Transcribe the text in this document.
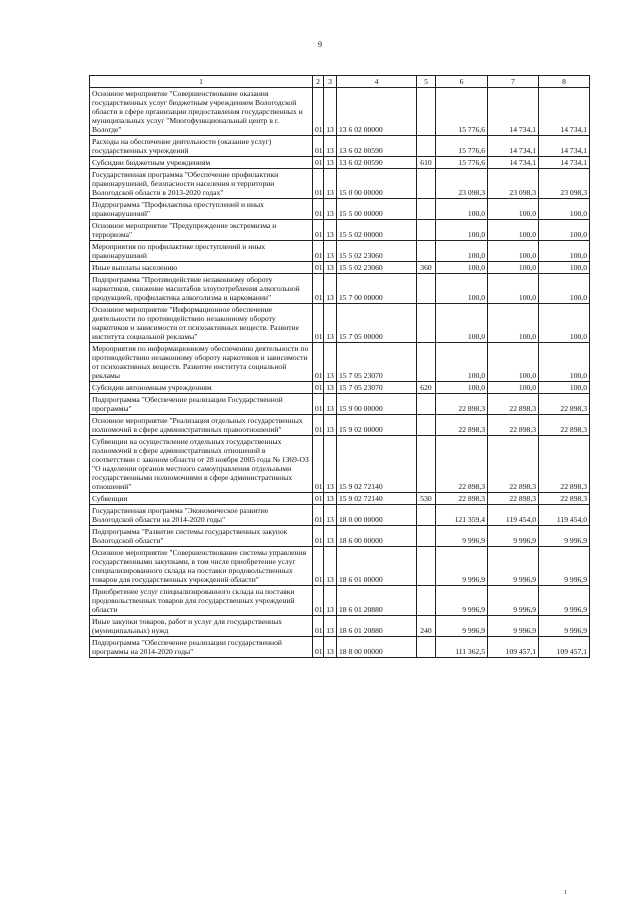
9
1	2	3	4	5	6	7	8
Основное мероприятие "Совершенствование оказания государственных услуг бюджетным учреждением Вологодской области в сфере организации предоставления государственных и муниципальных услуг "Многофункциональный центр в г. Вологде"	01	13	13 6 02 00000		15 776,6	14 734,1	14 734,1
Расходы на обеспечение деятельности (оказание услуг) государственных учреждений	01	13	13 6 02 00590		15 776,6	14 734,1	14 734,1
Субсидии бюджетным учреждениям	01	13	13 6 02 00590	610	15 776,6	14 734,1	14 734,1
Государственная программа "Обеспечение профилактики правонарушений, безопасности населения и территории Вологодской области в 2013-2020 годах"	01	13	15 0 00 00000		23 098,3	23 098,3	23 098,3
Подпрограмма "Профилактика преступлений и иных правонарушений"	01	13	15 5 00 00000		100,0	100,0	100,0
Основное мероприятие "Предупреждение экстремизма и терроризма"	01	13	15 5 02 00000		100,0	100,0	100,0
Мероприятия по профилактике преступлений и иных правонарушений	01	13	15 5 02 23060		100,0	100,0	100,0
Иные выплаты населению	01	13	15 5 02 23060	360	100,0	100,0	100,0
Подпрограмма "Противодействие незаконному обороту наркотиков, снижение масштабов злоупотребления алкогольной продукцией, профилактика алкоголизма и наркомании"	01	13	15 7 00 00000		100,0	100,0	100,0
Основное мероприятие "Информационное обеспечение деятельности по противодействию незаконному обороту наркотиков и зависимости от психоактивных веществ. Развитие института социальной рекламы"	01	13	15 7 05 00000		100,0	100,0	100,0
Мероприятия по информационному обеспечению деятельности по противодействию незаконному обороту наркотиков и зависимости от психоактивных веществ. Развитие института социальной рекламы	01	13	15 7 05 23070		100,0	100,0	100,0
Субсидии автономным учреждениям	01	13	15 7 05 23070	620	100,0	100,0	100,0
Подпрограмма "Обеспечение реализации Государственной программы"	01	13	15 9 00 00000		22 898,3	22 898,3	22 898,3
Основное мероприятие "Реализация отдельных государственных полномочий в сфере административных правоотношений"	01	13	15 9 02 00000		22 898,3	22 898,3	22 898,3
Субвенции на осуществление отдельных государственных полномочий в сфере административных отношений в соответствии с законом области от 28 ноября 2005 года № 1369-ОЗ "О наделении органов местного самоуправления отдельными государственными полномочиями в сфере административных отношений"	01	13	15 9 02 72140		22 898,3	22 898,3	22 898,3
Субвенции	01	13	15 9 02 72140	530	22 898,3	22 898,3	22 898,3
Государственная программа "Экономическое развитие Вологодской области на 2014-2020 годы"	01	13	18 0 00 00000		121 359,4	119 454,0	119 454,0
Подпрограмма "Развитие системы государственных закупок Вологодской области"	01	13	18 6 00 00000		9 996,9	9 996,9	9 996,9
Основное мероприятие "Совершенствование системы управления государственными закупками, в том числе приобретение услуг специализированного склада на поставки продовольственных товаров для государственных учреждений области"	01	13	18 6 01 00000		9 996,9	9 996,9	9 996,9
Приобретение услуг специализированного склада на поставки продовольственных товаров для государственных учреждений области	01	13	18 6 01 20880		9 996,9	9 996,9	9 996,9
Иные закупки товаров, работ и услуг для государственных (муниципальных) нужд	01	13	18 6 01 20880	240	9 996,9	9 996,9	9 996,9
Подпрограмма "Обеспечение реализации государственной программы на 2014-2020 годы"	01	13	18 8 00 00000		111 362,5	109 457,1	109 457,1
1
